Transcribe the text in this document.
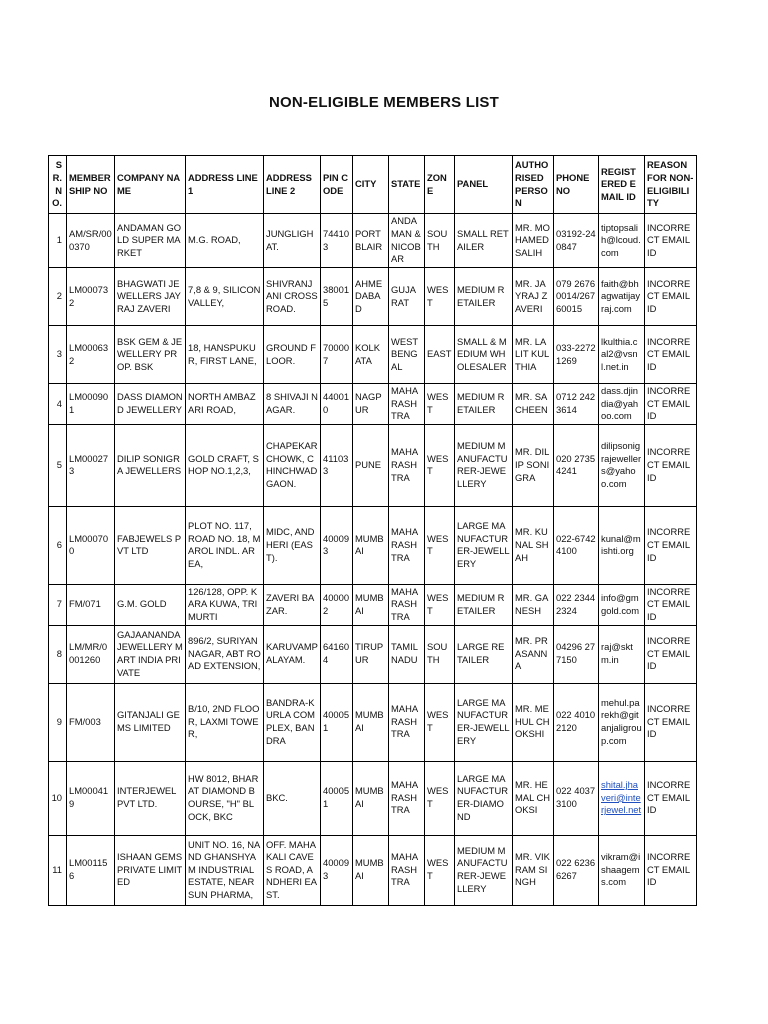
NON-ELIGIBLE MEMBERS LIST
SR. NO.	MEMBERSHIP NO	COMPANY NAME	ADDRESS LINE 1	ADDRESS LINE 2	PIN CODE	CITY	STATE	ZONE	PANEL	AUTHORISED PERSON	PHONE NO	REGISTERED EMAIL ID	REASON FOR NON-ELIGIBILITY
1	AM/SR/000370	ANDAMAN GOLD SUPER MARKET	M.G. ROAD,	JUNGLIGHAT.	744103	PORTBLAIR	ANDAMAN & NICOBAR	SOUTH	SMALL RETAILER	MR. MOHAMED SALIH	03192-240847	tiptopsalih@lcoud.com	INCORRECT EMAIL ID
2	LM000732	BHAGWATI JEWELLERS JAYRAJ ZAVERI	7,8 & 9, SILICON VALLEY,	SHIVRANJANI CROSS ROAD.	380015	AHMEDABAD	GUJARAT	WEST	MEDIUM RETAILER	MR. JAYRAJ ZAVERI	079 26760014/26760015	faith@bhagwatijayraj.com	INCORRECT EMAIL ID
3	LM000632	BSK GEM & JEWELLERY PROP. BSK	18, HANSPUKUR, FIRST LANE,	GROUND FLOOR.	700007	KOLKATA	WEST BENGAL	EAST	SMALL & MEDIUM WHOLESALER	MR. LALIT KULTHIA	033-22721269	lkulthia.cal2@vsnl.net.in	INCORRECT EMAIL ID
4	LM000901	DASS DIAMOND JEWELLERY	NORTH AMBAZARI ROAD,	8 SHIVAJI NAGAR.	440010	NAGPUR	MAHARASHTRA	WEST	MEDIUM RETAILER	MR. SACHEEN	0712 2423614	dass.djindia@yahoo.com	INCORRECT EMAIL ID
5	LM000273	DILIP SONIGRA JEWELLERS	GOLD CRAFT, SHOP NO.1,2,3,	CHAPEKAR CHOWK, CHINCHWADGAON.	411033	PUNE	MAHARASHTRA	WEST	MEDIUM MANUFACTURER-JEWELLERY	MR. DILIP SONIGRA	020 27354241	dilipsonigrajewellers@yahoo.com	INCORRECT EMAIL ID
6	LM000700	FABJEWELS PVT LTD	PLOT NO. 117, ROAD NO. 18, MAROL INDL. AREA,	MIDC, ANDHERI (EAST).	400093	MUMBAI	MAHARASHTRA	WEST	LARGE MANUFACTURER-JEWELLERY	MR. KUNAL SHAH	022-67424100	kunal@mishti.org	INCORRECT EMAIL ID
7	FM/071	G.M. GOLD	126/128, OPP. KARA KUWA, TRIMURTI	ZAVERI BAZAR.	400002	MUMBAI	MAHARASHTRA	WEST	MEDIUM RETAILER	MR. GANESH	022 23442324	info@gmgold.com	INCORRECT EMAIL ID
8	LM/MR/0001260	GAJAANANDA JEWELLERY MART INDIA PRIVATE	896/2, SURIYAN NAGAR, ABT ROAD EXTENSION,	KARUVAMPALAYAM.	641604	TIRUPUR	TAMILNADU	SOUTH	LARGE RETAILER	MR. PRASANNA	04296 277150	raj@sktm.in	INCORRECT EMAIL ID
9	FM/003	GITANJALI GEMS LIMITED	B/10, 2ND FLOOR, LAXMI TOWER,	BANDRA-KURLA COMPLEX, BANDRA	400051	MUMBAI	MAHARASHTRA	WEST	LARGE MANUFACTURER-JEWELLERY	MR. MEHUL CHOKSHI	022 40102120	mehul.parekh@gitanjaligroup.com	INCORRECT EMAIL ID
10	LM000419	INTERJEWEL PVT LTD.	HW 8012, BHARAT DIAMOND BOURSE, "H" BLOCK, BKC	BKC.	400051	MUMBAI	MAHARASHTRA	WEST	LARGE MANUFACTURER-DIAMOND	MR. HEMAL CHOKSI	022 40373100	shital.jhaveri@interjewel.net	INCORRECT EMAIL ID
11	LM001156	ISHAAN GEMS PRIVATE LIMITED	UNIT NO. 16, NAND GHANSHYAM INDUSTRIAL ESTATE, NEAR SUN PHARMA,	OFF. MAHAKALI CAVES ROAD, ANDHERI EAST.	400093	MUMBAI	MAHARASHTRA	WEST	MEDIUM MANUFACTURER-JEWELLERY	MR. VIKRAM SINGH	022 62366267	vikram@ishaagems.com	INCORRECT EMAIL ID
